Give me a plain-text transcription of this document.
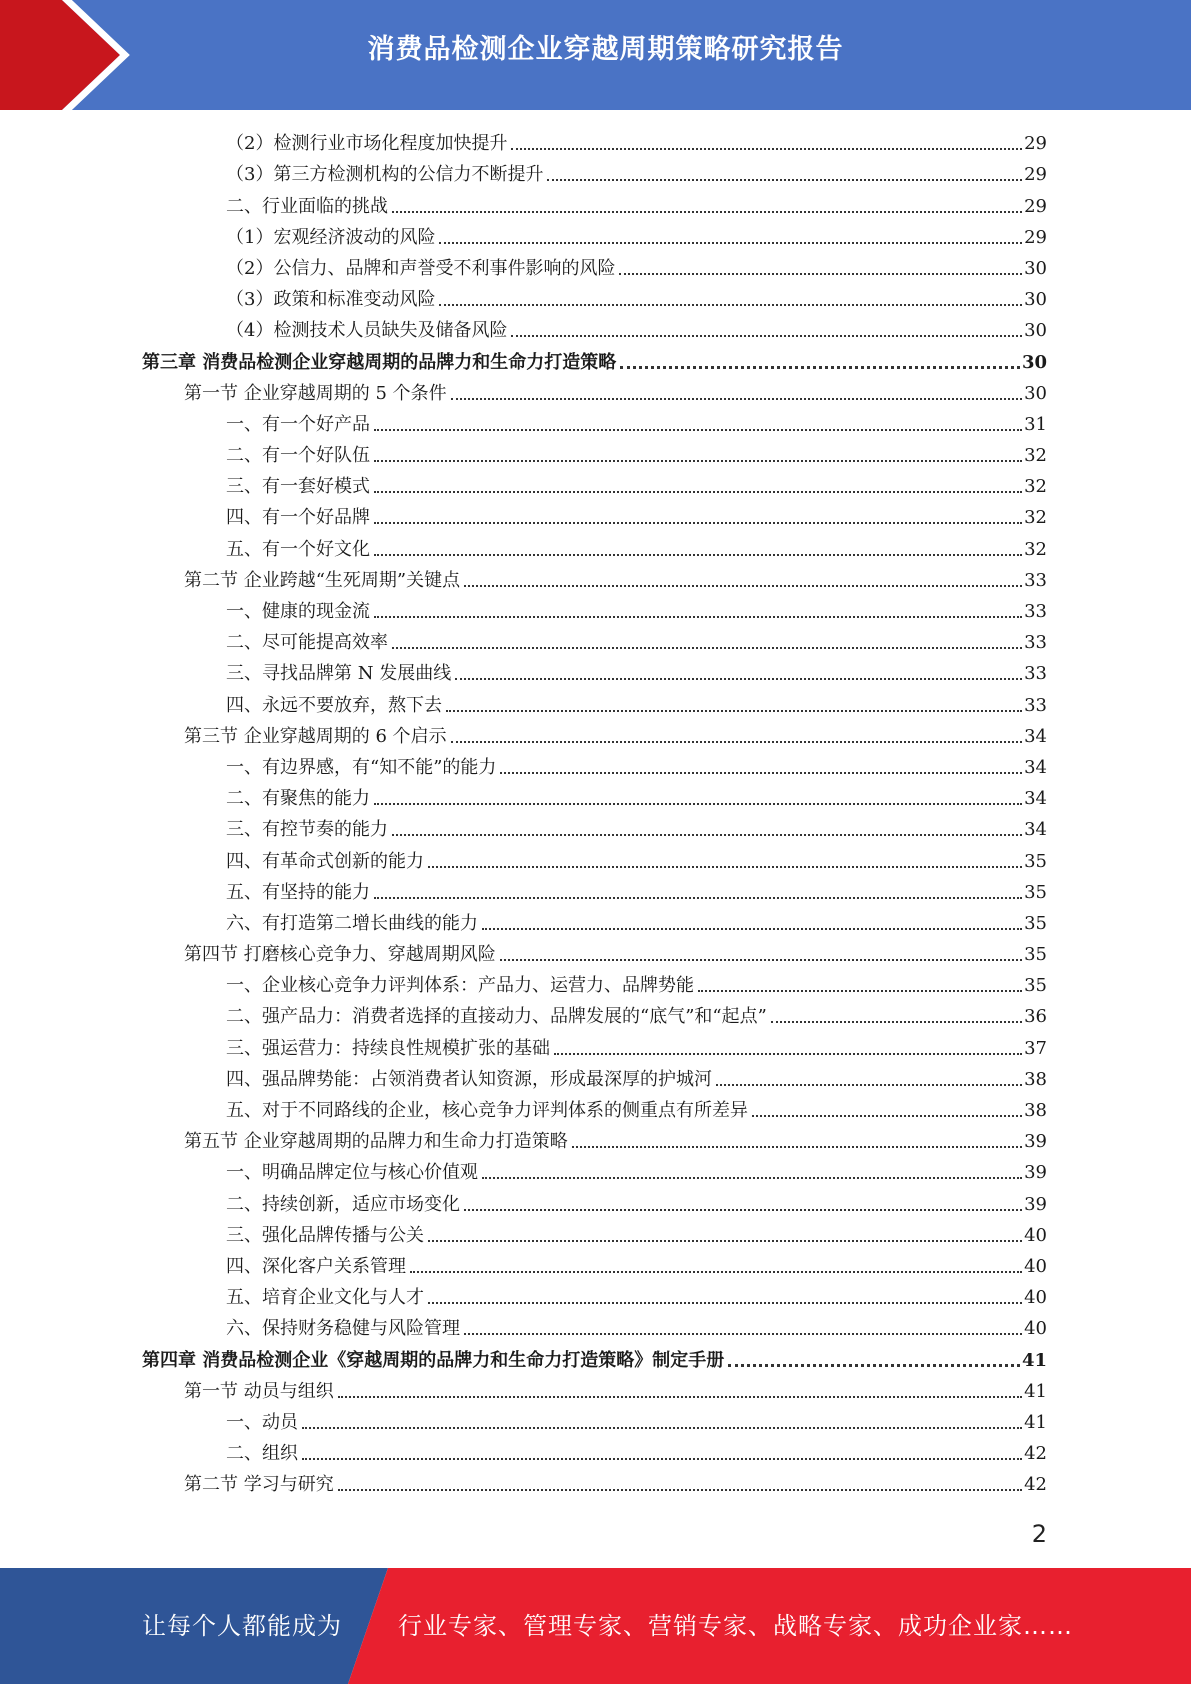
消费品检测企业穿越周期策略研究报告
（2）检测行业市场化程度加快提升	29
（3）第三方检测机构的公信力不断提升	29
二、行业面临的挑战	29
（1）宏观经济波动的风险	29
（2）公信力、品牌和声誉受不利事件影响的风险	30
（3）政策和标准变动风险	30
（4）检测技术人员缺失及储备风险	30
第三章 消费品检测企业穿越周期的品牌力和生命力打造策略	30
第一节 企业穿越周期的 5 个条件	30
一、有一个好产品	31
二、有一个好队伍	32
三、有一套好模式	32
四、有一个好品牌	32
五、有一个好文化	32
第二节 企业跨越“生死周期”关键点	33
一、健康的现金流	33
二、尽可能提高效率	33
三、寻找品牌第 N 发展曲线	33
四、永远不要放弃，熬下去	33
第三节 企业穿越周期的 6 个启示	34
一、有边界感，有“知不能”的能力	34
二、有聚焦的能力	34
三、有控节奏的能力	34
四、有革命式创新的能力	35
五、有坚持的能力	35
六、有打造第二增长曲线的能力	35
第四节 打磨核心竞争力、穿越周期风险	35
一、企业核心竞争力评判体系：产品力、运营力、品牌势能	35
二、强产品力：消费者选择的直接动力、品牌发展的“底气”和“起点”	36
三、强运营力：持续良性规模扩张的基础	37
四、强品牌势能：占领消费者认知资源，形成最深厚的护城河	38
五、对于不同路线的企业，核心竞争力评判体系的侧重点有所差异	38
第五节 企业穿越周期的品牌力和生命力打造策略	39
一、明确品牌定位与核心价值观	39
二、持续创新，适应市场变化	39
三、强化品牌传播与公关	40
四、深化客户关系管理	40
五、培育企业文化与人才	40
六、保持财务稳健与风险管理	40
第四章 消费品检测企业《穿越周期的品牌力和生命力打造策略》制定手册	41
第一节 动员与组织	41
一、动员	41
二、组织	42
第二节 学习与研究	42
2
让每个人都能成为 行业专家、管理专家、营销专家、战略专家、成功企业家……
